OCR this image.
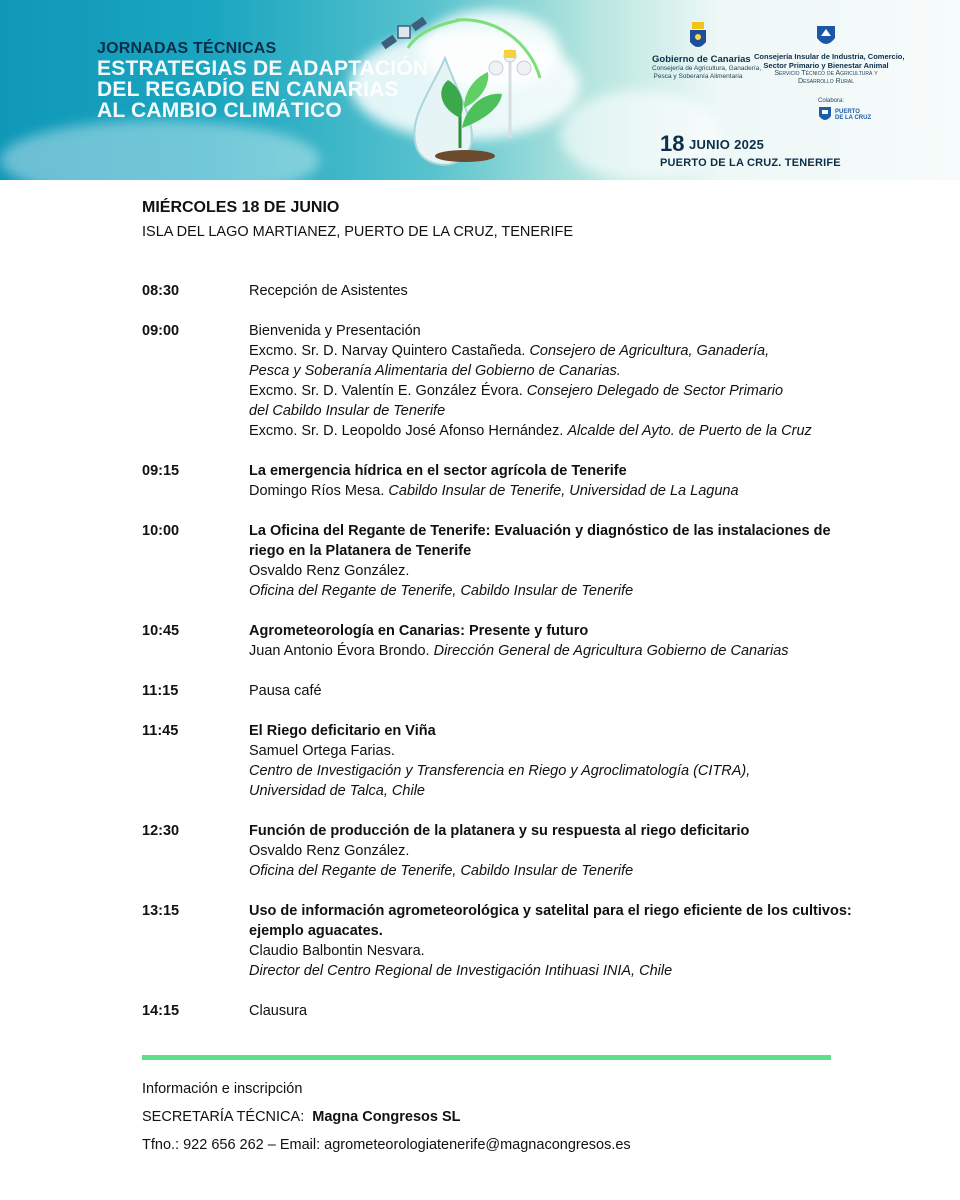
JORNADAS TÉCNICAS
ESTRATEGIAS DE ADAPTACIÓN
DEL REGADÍO EN CANARIAS
AL CAMBIO CLIMÁTICO
Gobierno de Canarias
Consejería de Agricultura, Ganadería,
Pesca y Soberanía Alimentaria
Consejería Insular de Industria, Comercio,
Sector Primario y Bienestar Animal
Servicio Técnico de Agricultura y
Desarrollo Rural
Colabora:
PUERTO
DE LA CRUZ
18 JUNIO 2025
PUERTO DE LA CRUZ. TENERIFE
MIÉRCOLES 18 DE JUNIO
ISLA DEL LAGO MARTIANEZ, PUERTO DE LA CRUZ, TENERIFE
08:30	Recepción de Asistentes
09:00	Bienvenida y Presentación
Excmo. Sr. D. Narvay Quintero Castañeda. Consejero de Agricultura, Ganadería,
Pesca y Soberanía Alimentaria del Gobierno de Canarias.
Excmo. Sr. D. Valentín E. González Évora. Consejero Delegado de Sector Primario
del Cabildo Insular de Tenerife
Excmo. Sr. D. Leopoldo José Afonso Hernández. Alcalde del Ayto. de Puerto de la Cruz
09:15	La emergencia hídrica en el sector agrícola de Tenerife
Domingo Ríos Mesa. Cabildo Insular de Tenerife, Universidad de La Laguna
10:00	La Oficina del Regante de Tenerife: Evaluación y diagnóstico de las instalaciones de riego en la Platanera de Tenerife
Osvaldo Renz González.
Oficina del Regante de Tenerife, Cabildo Insular de Tenerife
10:45	Agrometeorología en Canarias: Presente y futuro
Juan Antonio Évora Brondo. Dirección General de Agricultura Gobierno de Canarias
11:15	Pausa café
11:45	El Riego deficitario en Viña
Samuel Ortega Farias.
Centro de Investigación y Transferencia en Riego y Agroclimatología (CITRA),
Universidad de Talca, Chile
12:30	Función de producción de la platanera y su respuesta al riego deficitario
Osvaldo Renz González.
Oficina del Regante de Tenerife, Cabildo Insular de Tenerife
13:15	Uso de información agrometeorológica y satelital para el riego eficiente de los cultivos: ejemplo aguacates.
Claudio Balbontin Nesvara.
Director del Centro Regional de Investigación Intihuasi INIA, Chile
14:15	Clausura
Información e inscripción
SECRETARÍA TÉCNICA: Magna Congresos SL
Tfno.: 922 656 262 – Email: agrometeorologiatenerife@magnacongresos.es
